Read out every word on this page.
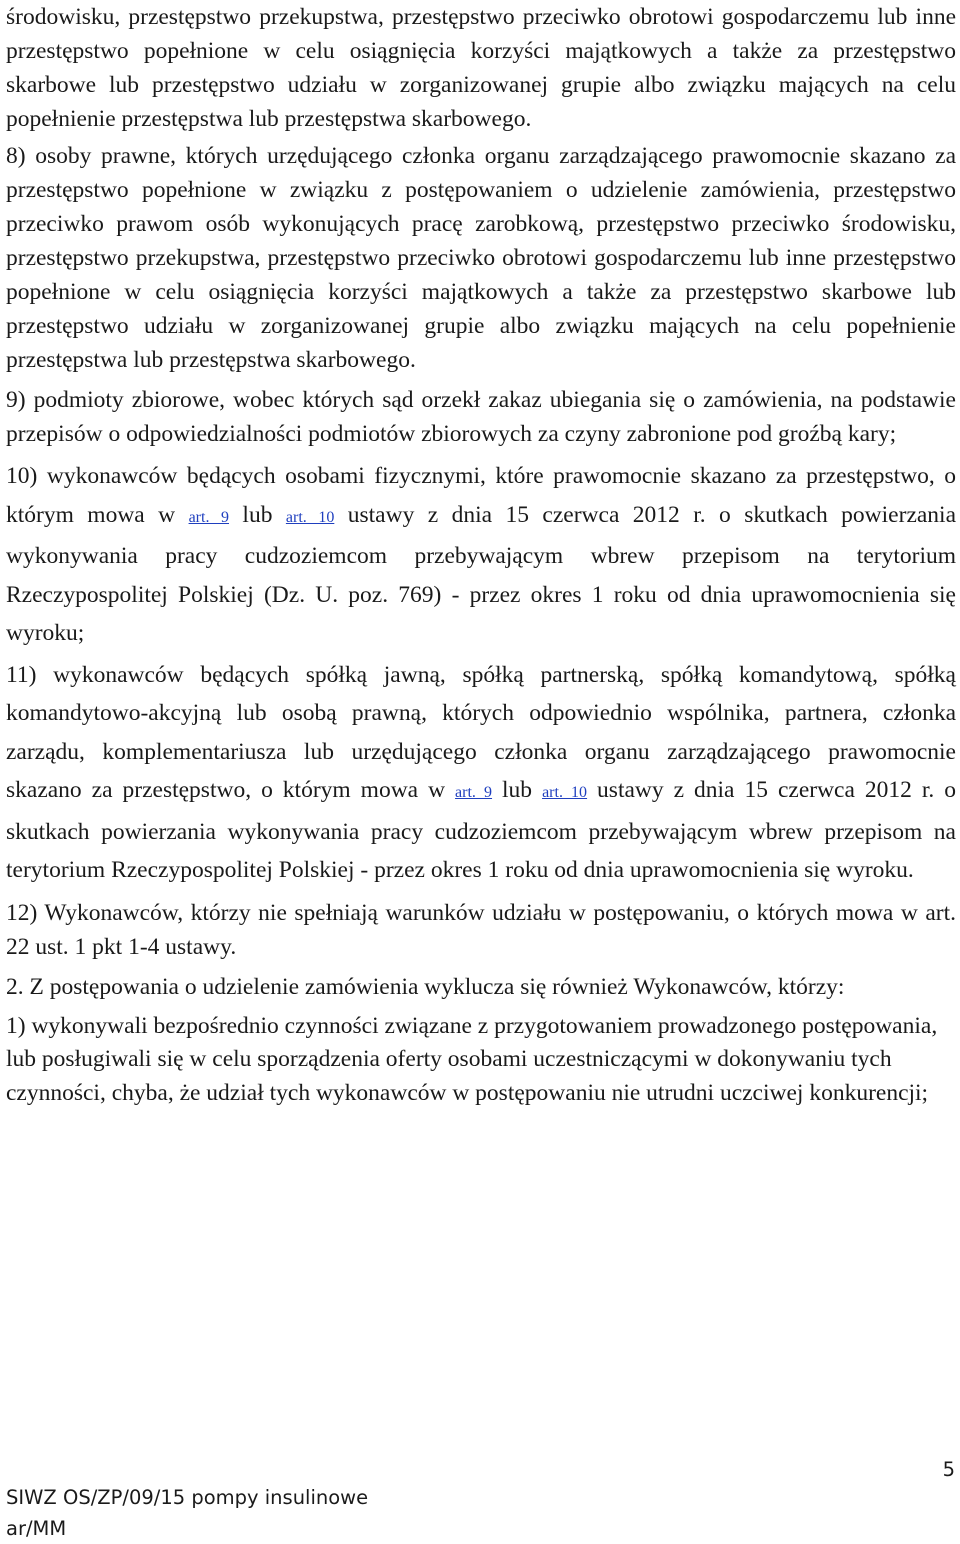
środowisku, przestępstwo przekupstwa, przestępstwo przeciwko obrotowi gospodarczemu lub inne przestępstwo popełnione w celu osiągnięcia korzyści majątkowych a także za przestępstwo skarbowe lub przestępstwo udziału w zorganizowanej grupie albo związku mających na celu popełnienie przestępstwa lub przestępstwa skarbowego.

8) osoby prawne, których urzędującego członka organu zarządzającego prawomocnie skazano za przestępstwo popełnione w związku z postępowaniem o udzielenie zamówienia, przestępstwo przeciwko prawom osób wykonujących pracę zarobkową, przestępstwo przeciwko środowisku, przestępstwo przekupstwa, przestępstwo przeciwko obrotowi gospodarczemu lub inne przestępstwo popełnione w celu osiągnięcia korzyści majątkowych a także za przestępstwo skarbowe lub przestępstwo udziału w zorganizowanej grupie albo związku mających na celu popełnienie przestępstwa lub przestępstwa skarbowego.

9) podmioty zbiorowe, wobec których sąd orzekł zakaz ubiegania się o zamówienia, na podstawie przepisów o odpowiedzialności podmiotów zbiorowych za czyny zabronione pod groźbą kary;

10) wykonawców będących osobami fizycznymi, które prawomocnie skazano za przestępstwo, o którym mowa w art. 9 lub art. 10 ustawy z dnia 15 czerwca 2012 r. o skutkach powierzania wykonywania pracy cudzoziemcom przebywającym wbrew przepisom na terytorium Rzeczypospolitej Polskiej (Dz. U. poz. 769) - przez okres 1 roku od dnia uprawomocnienia się wyroku;

11) wykonawców będących spółką jawną, spółką partnerską, spółką komandytową, spółką komandytowo-akcyjną lub osobą prawną, których odpowiednio wspólnika, partnera, członka zarządu, komplementariusza lub urzędującego członka organu zarządzającego prawomocnie skazano za przestępstwo, o którym mowa w art. 9 lub art. 10 ustawy z dnia 15 czerwca 2012 r. o skutkach powierzania wykonywania pracy cudzoziemcom przebywającym wbrew przepisom na terytorium Rzeczypospolitej Polskiej - przez okres 1 roku od dnia uprawomocnienia się wyroku.

12) Wykonawców, którzy nie spełniają warunków udziału w postępowaniu, o których mowa w art. 22 ust. 1 pkt 1-4 ustawy.

2. Z postępowania o udzielenie zamówienia wyklucza się również Wykonawców, którzy:

1) wykonywali bezpośrednio czynności związane z przygotowaniem prowadzonego postępowania, lub posługiwali się w celu sporządzenia oferty osobami uczestniczącymi w dokonywaniu tych czynności, chyba, że udział tych wykonawców w postępowaniu nie utrudni uczciwej konkurencji;

5
SIWZ OS/ZP/09/15 pompy insulinowe
ar/MM
